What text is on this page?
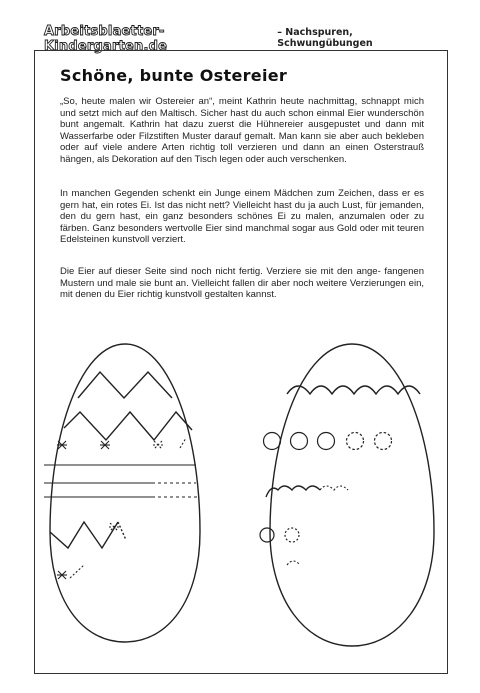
Arbeitsblaetter-Kindergarten.de
– Nachspuren, Schwungübungen
Schöne, bunte Ostereier

„So, heute malen wir Ostereier an“, meint Kathrin heute nachmittag, schnappt mich und setzt mich auf den Maltisch. Sicher hast du auch schon einmal Eier wunderschön bunt angemalt. Kathrin hat dazu zuerst die Hühnereier ausgepustet und dann mit Wasserfarbe oder Filzstiften Muster darauf gemalt. Man kann sie aber auch bekleben oder auf viele andere Arten richtig toll verzieren und dann an einen Osterstrauß hängen, als Dekoration auf den Tisch legen oder auch verschenken.

In manchen Gegenden schenkt ein Junge einem Mädchen zum Zeichen, dass er es gern hat, ein rotes Ei. Ist das nicht nett? Vielleicht hast du ja auch Lust, für jemanden, den du gern hast, ein ganz besonders schönes Ei zu malen, anzumalen oder zu färben. Ganz besonders wertvolle Eier sind manchmal sogar aus Gold oder mit teuren Edelsteinen kunstvoll verziert.

Die Eier auf dieser Seite sind noch nicht fertig. Verziere sie mit den ange- fangenen Mustern und male sie bunt an. Vielleicht fallen dir aber noch weitere Verzierungen ein, mit denen du Eier richtig kunstvoll gestalten kannst.
